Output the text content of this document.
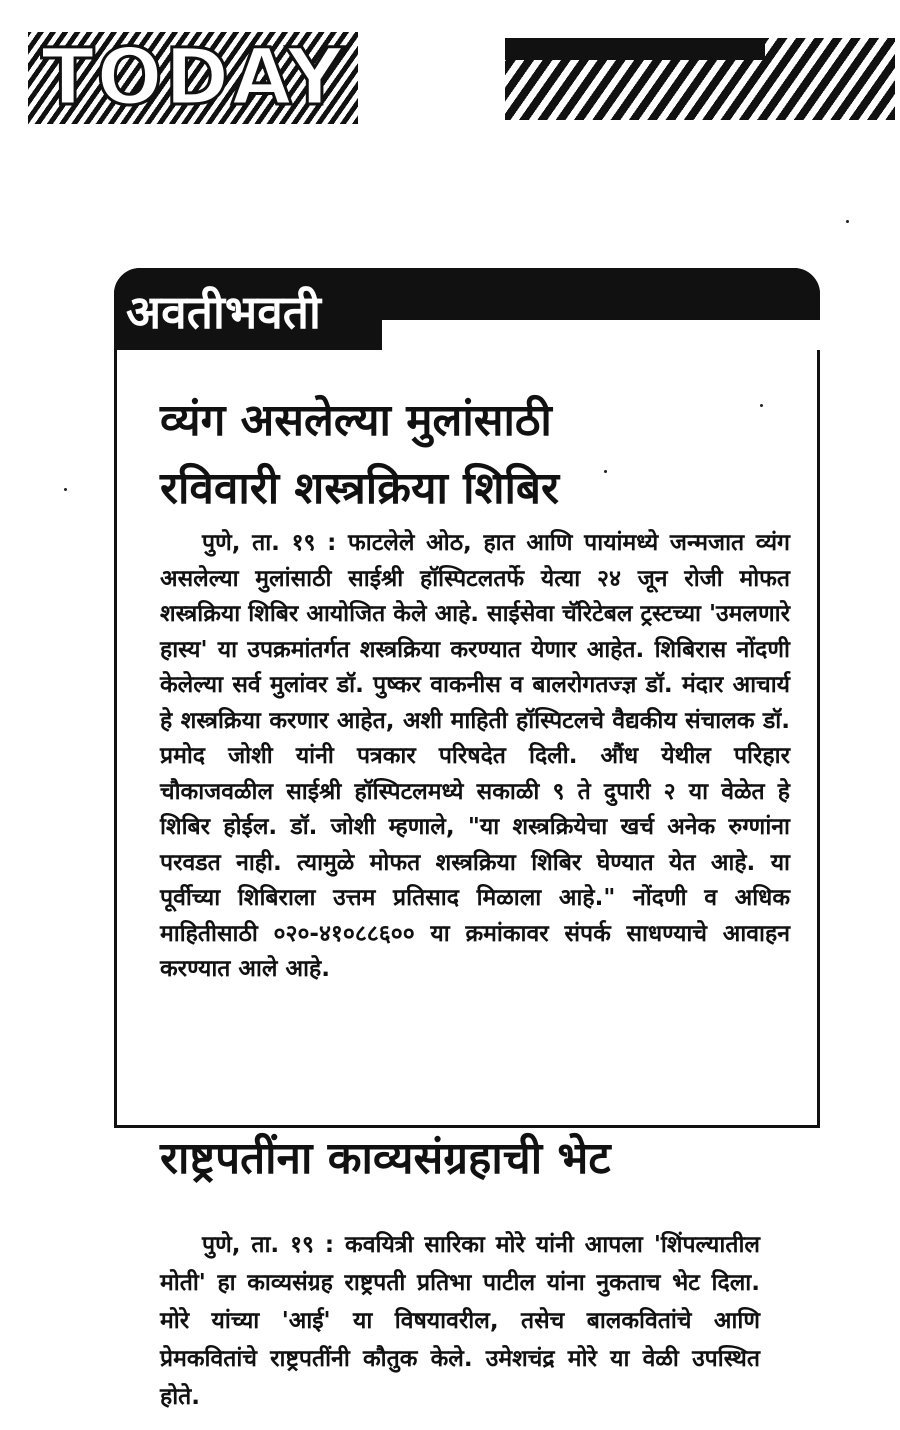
TODAY
अवतीभवती
व्यंग असलेल्या मुलांसाठी
रविवारी शस्त्रक्रिया शिबिर

पुणे, ता. १९ : फाटलेले ओठ, हात आणि पायांमध्ये जन्मजात व्यंग असलेल्या मुलांसाठी साईश्री हॉस्पिटलतर्फे येत्या २४ जून रोजी मोफत शस्त्रक्रिया शिबिर आयोजित केले आहे. साईसेवा चॅरिटेबल ट्रस्टच्या 'उमलणारे हास्य' या उपक्रमांतर्गत शस्त्रक्रिया करण्यात येणार आहेत. शिबिरास नोंदणी केलेल्या सर्व मुलांवर डॉ. पुष्कर वाकनीस व बालरोगतज्ज्ञ डॉ. मंदार आचार्य हे शस्त्रक्रिया करणार आहेत, अशी माहिती हॉस्पिटलचे वैद्यकीय संचालक डॉ. प्रमोद जोशी यांनी पत्रकार परिषदेत दिली. औंध येथील परिहार चौकाजवळील साईश्री हॉस्पिटलमध्ये सकाळी ९ ते दुपारी २ या वेळेत हे शिबिर होईल. डॉ. जोशी म्हणाले, "या शस्त्रक्रियेचा खर्च अनेक रुग्णांना परवडत नाही. त्यामुळे मोफत शस्त्रक्रिया शिबिर घेण्यात येत आहे. या पूर्वीच्या शिबिराला उत्तम प्रतिसाद मिळाला आहे." नोंदणी व अधिक माहितीसाठी ०२०-४१०८८६०० या क्रमांकावर संपर्क साधण्याचे आवाहन करण्यात आले आहे.

राष्ट्रपतींना काव्यसंग्रहाची भेट

पुणे, ता. १९ : कवयित्री सारिका मोरे यांनी आपला 'शिंपल्यातील मोती' हा काव्यसंग्रह राष्ट्रपती प्रतिभा पाटील यांना नुकताच भेट दिला. मोरे यांच्या 'आई' या विषयावरील, तसेच बालकवितांचे आणि प्रेमकवितांचे राष्ट्रपतींनी कौतुक केले. उमेशचंद्र मोरे या वेळी उपस्थित होते.
